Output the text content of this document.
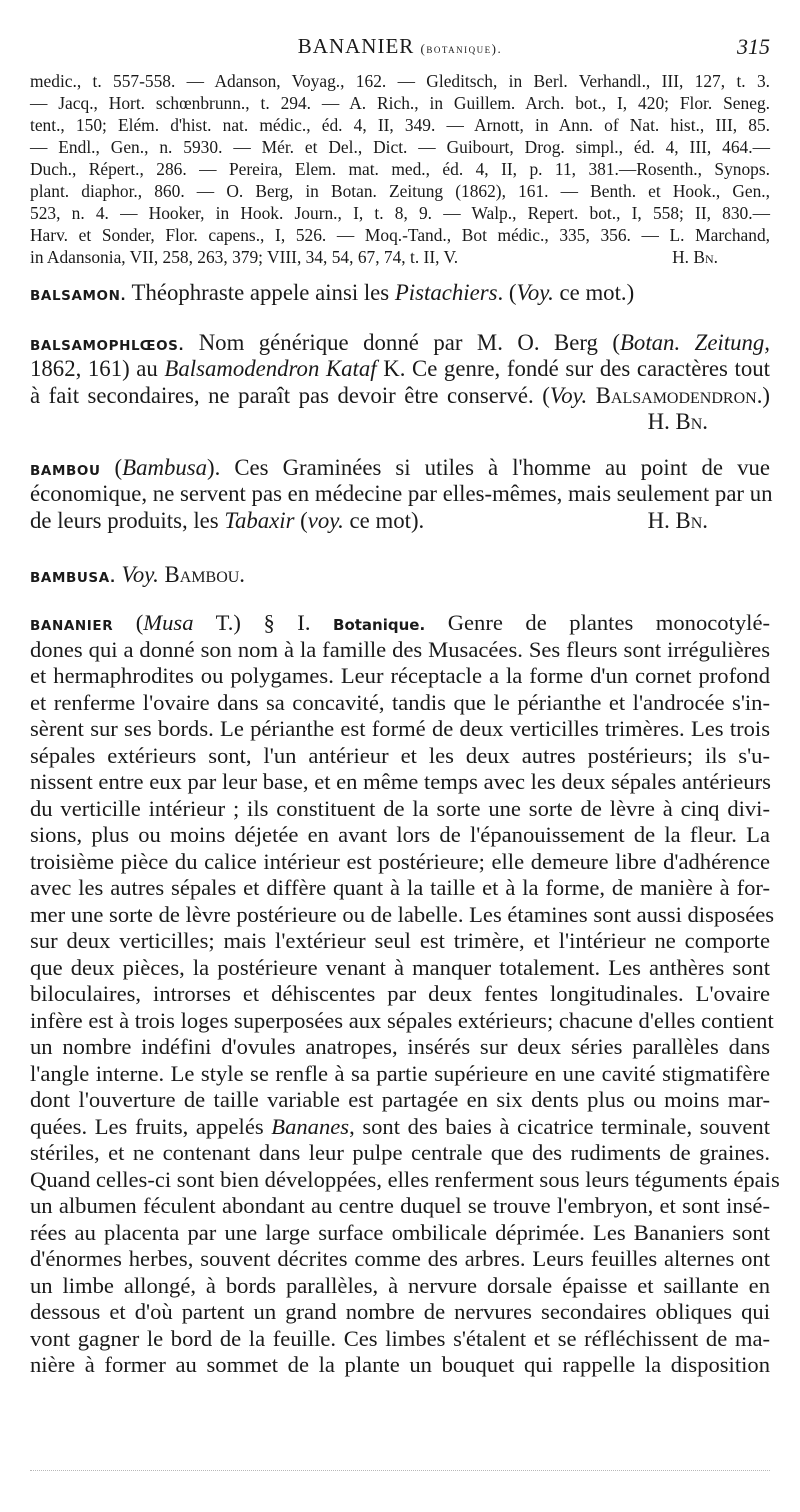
BANANIER (botanique).	315
medic., t. 557-558. — Adanson, Voyag., 162. — Gleditsch, in Berl. Verhandl., III, 127, t. 3.
— Jacq., Hort. schœnbrunn., t. 294. — A. Rich., in Guillem. Arch. bot., I, 420; Flor. Seneg.
tent., 150; Elém. d'hist. nat. médic., éd. 4, II, 349. — Arnott, in Ann. of Nat. hist., III, 85.
— Endl., Gen., n. 5930. — Mér. et Del., Dict. — Guibourt, Drog. simpl., éd. 4, III, 464.—
Duch., Répert., 286. — Pereira, Elem. mat. med., éd. 4, II, p. 11, 381.—Rosenth., Synops.
plant. diaphor., 860. — O. Berg, in Botan. Zeitung (1862), 161. — Benth. et Hook., Gen.,
523, n. 4. — Hooker, in Hook. Journ., I, t. 8, 9. — Walp., Repert. bot., I, 558; II, 830.—
Harv. et Sonder, Flor. capens., I, 526. — Moq.-Tand., Bot médic., 335, 356. — L. Marchand,
in Adansonia, VII, 258, 263, 379; VIII, 34, 54, 67, 74, t. II, V.	H. Bn.
BALSAMON. Théophraste appele ainsi les Pistachiers. (Voy. ce mot.)
BALSAMOPHLŒOS. Nom générique donné par M. O. Berg (Botan. Zeitung,
1862, 161) au Balsamodendron Kataf K. Ce genre, fondé sur des caractères tout
à fait secondaires, ne paraît pas devoir être conservé. (Voy. Balsamodendron.)
H. Bn.
BAMBOU (Bambusa). Ces Graminées si utiles à l'homme au point de vue
économique, ne servent pas en médecine par elles-mêmes, mais seulement par un
de leurs produits, les Tabaxir (voy. ce mot).	H. Bn.
BAMBUSA. Voy. Bambou.
BANANIER (Musa T.) § I. Botanique. Genre de plantes monocotylé-
dones qui a donné son nom à la famille des Musacées. Ses fleurs sont irrégulières
et hermaphrodites ou polygames. Leur réceptacle a la forme d'un cornet profond
et renferme l'ovaire dans sa concavité, tandis que le périanthe et l'androcée s'in-
sèrent sur ses bords. Le périanthe est formé de deux verticilles trimères. Les trois
sépales extérieurs sont, l'un antérieur et les deux autres postérieurs; ils s'u-
nissent entre eux par leur base, et en même temps avec les deux sépales antérieurs
du verticille intérieur ; ils constituent de la sorte une sorte de lèvre à cinq divi-
sions, plus ou moins déjetée en avant lors de l'épanouissement de la fleur. La
troisième pièce du calice intérieur est postérieure; elle demeure libre d'adhérence
avec les autres sépales et diffère quant à la taille et à la forme, de manière à for-
mer une sorte de lèvre postérieure ou de labelle. Les étamines sont aussi disposées
sur deux verticilles; mais l'extérieur seul est trimère, et l'intérieur ne comporte
que deux pièces, la postérieure venant à manquer totalement. Les anthères sont
biloculaires, introrses et déhiscentes par deux fentes longitudinales. L'ovaire
infère est à trois loges superposées aux sépales extérieurs; chacune d'elles contient
un nombre indéfini d'ovules anatropes, insérés sur deux séries parallèles dans
l'angle interne. Le style se renfle à sa partie supérieure en une cavité stigmatifère
dont l'ouverture de taille variable est partagée en six dents plus ou moins mar-
quées. Les fruits, appelés Bananes, sont des baies à cicatrice terminale, souvent
stériles, et ne contenant dans leur pulpe centrale que des rudiments de graines.
Quand celles-ci sont bien développées, elles renferment sous leurs téguments épais
un albumen féculent abondant au centre duquel se trouve l'embryon, et sont insé-
rées au placenta par une large surface ombilicale déprimée. Les Bananiers sont
d'énormes herbes, souvent décrites comme des arbres. Leurs feuilles alternes ont
un limbe allongé, à bords parallèles, à nervure dorsale épaisse et saillante en
dessous et d'où partent un grand nombre de nervures secondaires obliques qui
vont gagner le bord de la feuille. Ces limbes s'étalent et se réfléchissent de ma-
nière à former au sommet de la plante un bouquet qui rappelle la disposition
